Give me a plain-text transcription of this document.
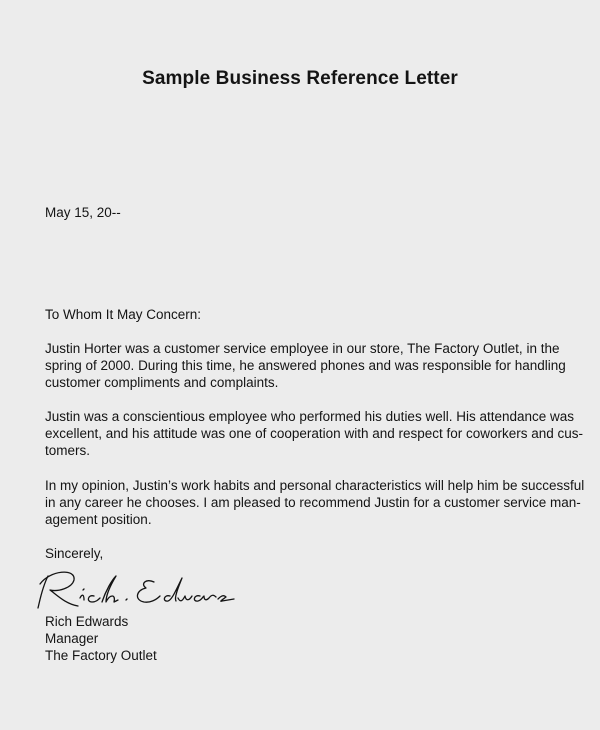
Sample Business Reference Letter

May 15, 20--

To Whom It May Concern:

Justin Horter was a customer service employee in our store, The Factory Outlet, in the
spring of 2000. During this time, he answered phones and was responsible for handling
customer compliments and complaints.
Justin was a conscientious employee who performed his duties well. His attendance was
excellent, and his attitude was one of cooperation with and respect for coworkers and cus-
tomers.
In my opinion, Justin’s work habits and personal characteristics will help him be successful
in any career he chooses. I am pleased to recommend Justin for a customer service man-
agement position.

Sincerely,

Rich Edwards
Manager
The Factory Outlet
